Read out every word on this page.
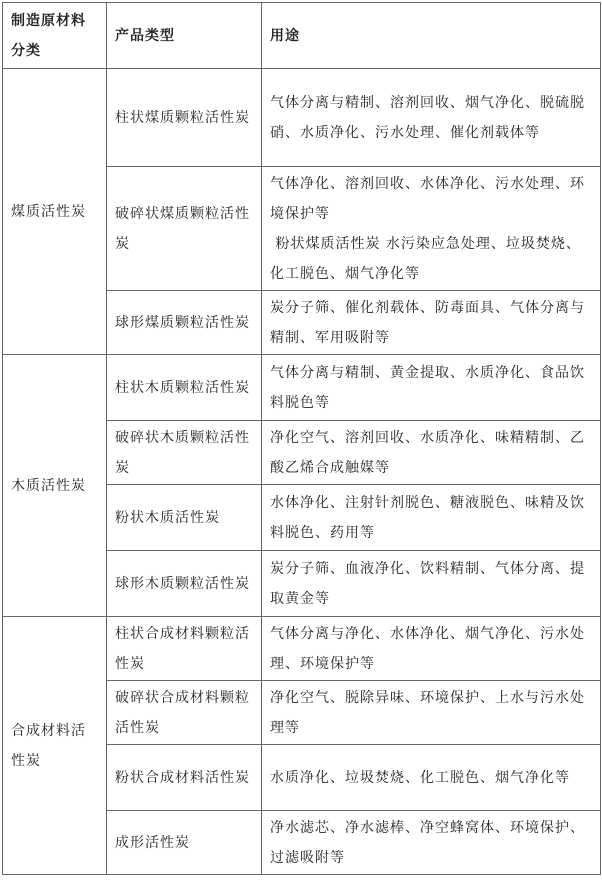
制造原材料分类	产品类型	用途
煤质活性炭	柱状煤质颗粒活性炭	气体分离与精制、溶剂回收、烟气净化、脱硫脱硝、水质净化、污水处理、催化剂载体等
	破碎状煤质颗粒活性炭	气体净化、溶剂回收、水体净化、污水处理、环境保护等
粉状煤质活性炭 水污染应急处理、垃圾焚烧、化工脱色、烟气净化等

	球形煤质颗粒活性炭	炭分子筛、催化剂载体、防毒面具、气体分离与精制、军用吸附等
木质活性炭	柱状木质颗粒活性炭	气体分离与精制、黄金提取、水质净化、食品饮料脱色等
	破碎状木质颗粒活性炭	净化空气、溶剂回收、水质净化、味精精制、乙酸乙烯合成触媒等
	粉状木质活性炭	水体净化、注射针剂脱色、糖液脱色、味精及饮料脱色、药用等
	球形木质颗粒活性炭	炭分子筛、血液净化、饮料精制、气体分离、提取黄金等
合成材料活性炭	柱状合成材料颗粒活性炭	气体分离与净化、水体净化、烟气净化、污水处理、环境保护等
	破碎状合成材料颗粒活性炭	净化空气、脱除异味、环境保护、上水与污水处理等
	粉状合成材料活性炭	水质净化、垃圾焚烧、化工脱色、烟气净化等
	成形活性炭	净水滤芯、净水滤棒、净空蜂窝体、环境保护、过滤吸附等
